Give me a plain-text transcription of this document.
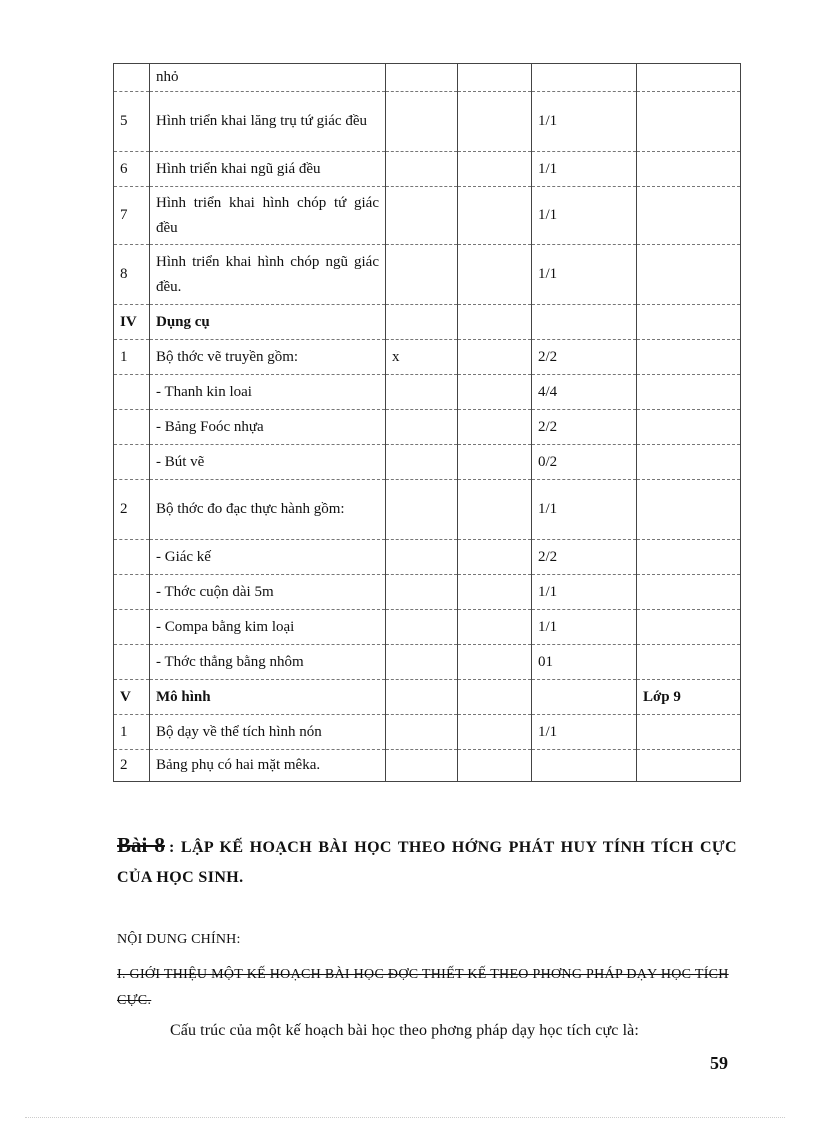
	nhỏ				
5	Hình triển khai lăng trụ tứ giác đều			1/1	
6	Hình triển khai ngũ giá đều			1/1	
7	Hình triển khai hình chóp tứ giác đều			1/1	
8	Hình triển khai hình chóp ngũ giác đều.			1/1	
IV	Dụng cụ				
1	Bộ thớc vẽ truyền gồm:	x		2/2	
	- Thanh kin loai			4/4	
	- Bảng Foóc nhựa			2/2	
	- Bút vẽ			0/2	
2	Bộ thớc đo đạc thực hành gồm:			1/1	
	- Giác kế			2/2	
	- Thớc cuộn dài 5m			1/1	
	- Compa bằng kim loại			1/1	
	- Thớc thẳng bằng nhôm			01	
V	Mô hình				Lớp 9
1	Bộ dạy về thể tích hình nón			1/1	
2	Bảng phụ có hai mặt mêka.				
Bài 8 : LẬP KẾ HOẠCH BÀI HỌC THEO HỚNG PHÁT HUY TÍNH TÍCH CỰC CỦA HỌC SINH.
NỘI DUNG CHÍNH:
I. GIỚI THIỆU MỘT KẾ HOẠCH BÀI HỌC ĐỢC THIẾT KẾ THEO PHƠNG PHÁP DẠY HỌC TÍCH CỰC.
Cấu trúc của một kế hoạch bài học theo phơng pháp dạy học tích cực là:
59
